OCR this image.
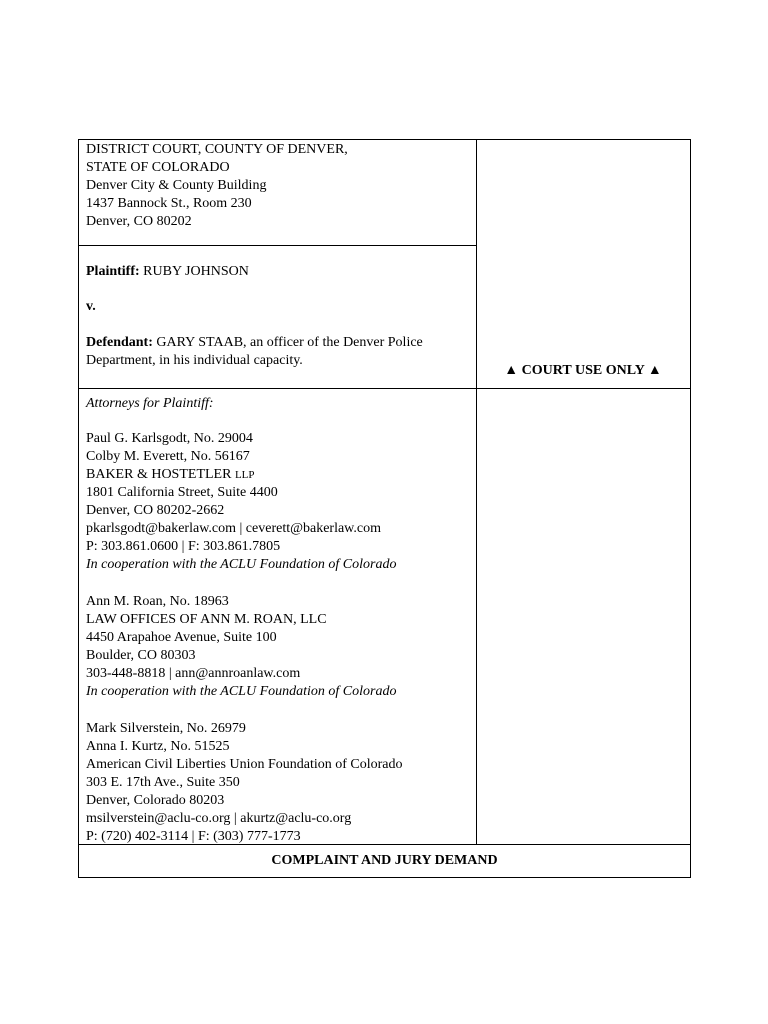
DISTRICT COURT, COUNTY OF DENVER,
STATE OF COLORADO
Denver City & County Building
1437 Bannock St., Room 230
Denver, CO 80202
Plaintiff: RUBY JOHNSON
v.
Defendant: GARY STAAB, an officer of the Denver Police
Department, in his individual capacity.
▲ COURT USE ONLY ▲
Attorneys for Plaintiff:
Paul G. Karlsgodt, No. 29004
Colby M. Everett, No. 56167
BAKER & HOSTETLER LLP
1801 California Street, Suite 4400
Denver, CO 80202-2662
pkarlsgodt@bakerlaw.com | ceverett@bakerlaw.com
P: 303.861.0600 | F: 303.861.7805
In cooperation with the ACLU Foundation of Colorado
Ann M. Roan, No. 18963
LAW OFFICES OF ANN M. ROAN, LLC
4450 Arapahoe Avenue, Suite 100
Boulder, CO 80303
303-448-8818 | ann@annroanlaw.com
In cooperation with the ACLU Foundation of Colorado
Mark Silverstein, No. 26979
Anna I. Kurtz, No. 51525
American Civil Liberties Union Foundation of Colorado
303 E. 17th Ave., Suite 350
Denver, Colorado 80203
msilverstein@aclu-co.org | akurtz@aclu-co.org
P: (720) 402-3114 | F: (303) 777-1773
COMPLAINT AND JURY DEMAND
